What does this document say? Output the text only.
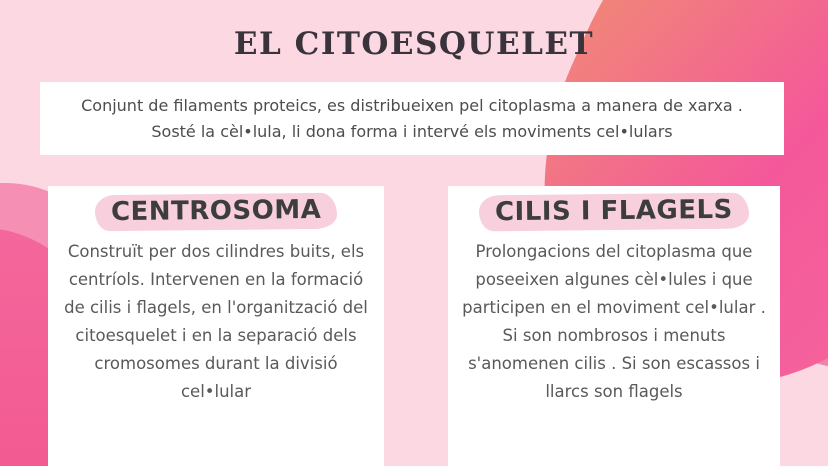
EL CITOESQUELET

Conjunt de filaments proteics, es distribueixen pel citoplasma a manera de xarxa . Sosté la cèl•lula, li dona forma i intervé els moviments cel•lulars

CENTROSOMA

Construït per dos cilindres buits, els centríols. Intervenen en la formació de cilis i flagels, en l'organització del citoesquelet i en la separació dels cromosomes durant la divisió cel•lular

CILIS I FLAGELS

Prolongacions del citoplasma que poseeixen algunes cèl•lules i que participen en el moviment cel•lular . Si son nombrosos i menuts s'anomenen cilis . Si son escassos i llarcs son flagels
